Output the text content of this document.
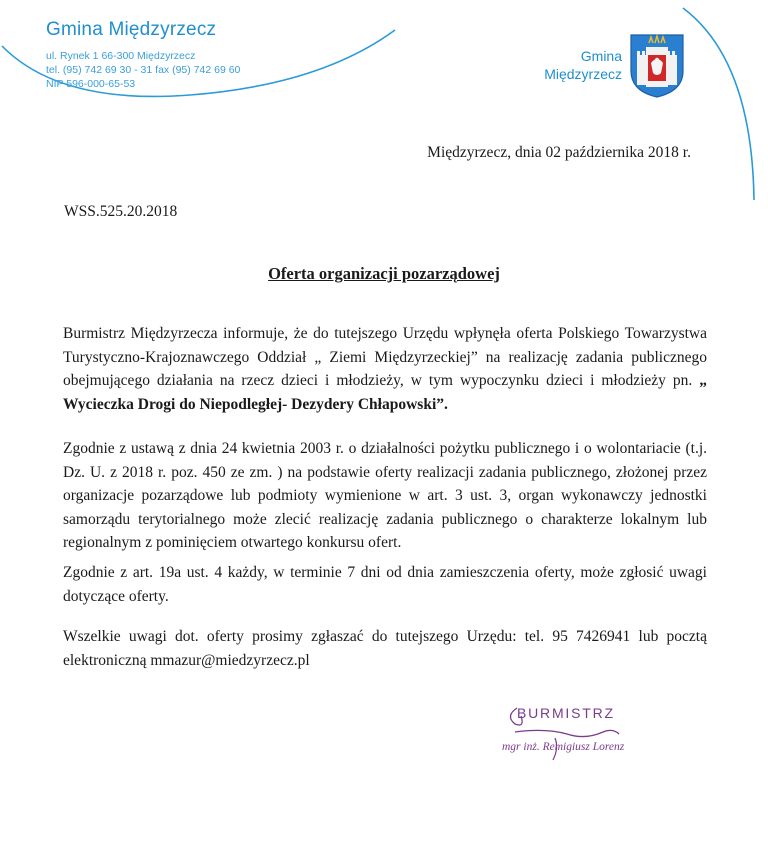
Gmina Międzyrzecz
ul. Rynek 1 66-300 Międzyrzecz
tel. (95) 742 69 30 - 31 fax (95) 742 69 60
NIP 596-000-65-53
Gmina
Międzyrzecz
Międzyrzecz, dnia 02 października 2018 r.
WSS.525.20.2018
Oferta organizacji pozarządowej
Burmistrz Międzyrzecza informuje, że do tutejszego Urzędu wpłynęła oferta Polskiego Towarzystwa Turystyczno-Krajoznawczego Oddział „ Ziemi Międzyrzeckiej” na realizację zadania publicznego obejmującego działania na rzecz dzieci i młodzieży, w tym wypoczynku dzieci i młodzieży pn. „ Wycieczka Drogi do Niepodległej- Dezydery Chłapowski”.
Zgodnie z ustawą z dnia 24 kwietnia 2003 r. o działalności pożytku publicznego i o wolontariacie (t.j. Dz. U. z 2018 r. poz. 450 ze zm. ) na podstawie oferty realizacji zadania publicznego, złożonej przez organizacje pozarządowe lub podmioty wymienione w art. 3 ust. 3, organ wykonawczy jednostki samorządu terytorialnego może zlecić realizację zadania publicznego o charakterze lokalnym lub regionalnym z pominięciem otwartego konkursu ofert.
Zgodnie z art. 19a ust. 4 każdy, w terminie 7 dni od dnia zamieszczenia oferty, może zgłosić uwagi dotyczące oferty.
Wszelkie uwagi dot. oferty prosimy zgłaszać do tutejszego Urzędu: tel. 95 7426941 lub pocztą elektroniczną mmazur@miedzyrzecz.pl
BURMISTRZ
mgr inż. Remigiusz Lorenz
